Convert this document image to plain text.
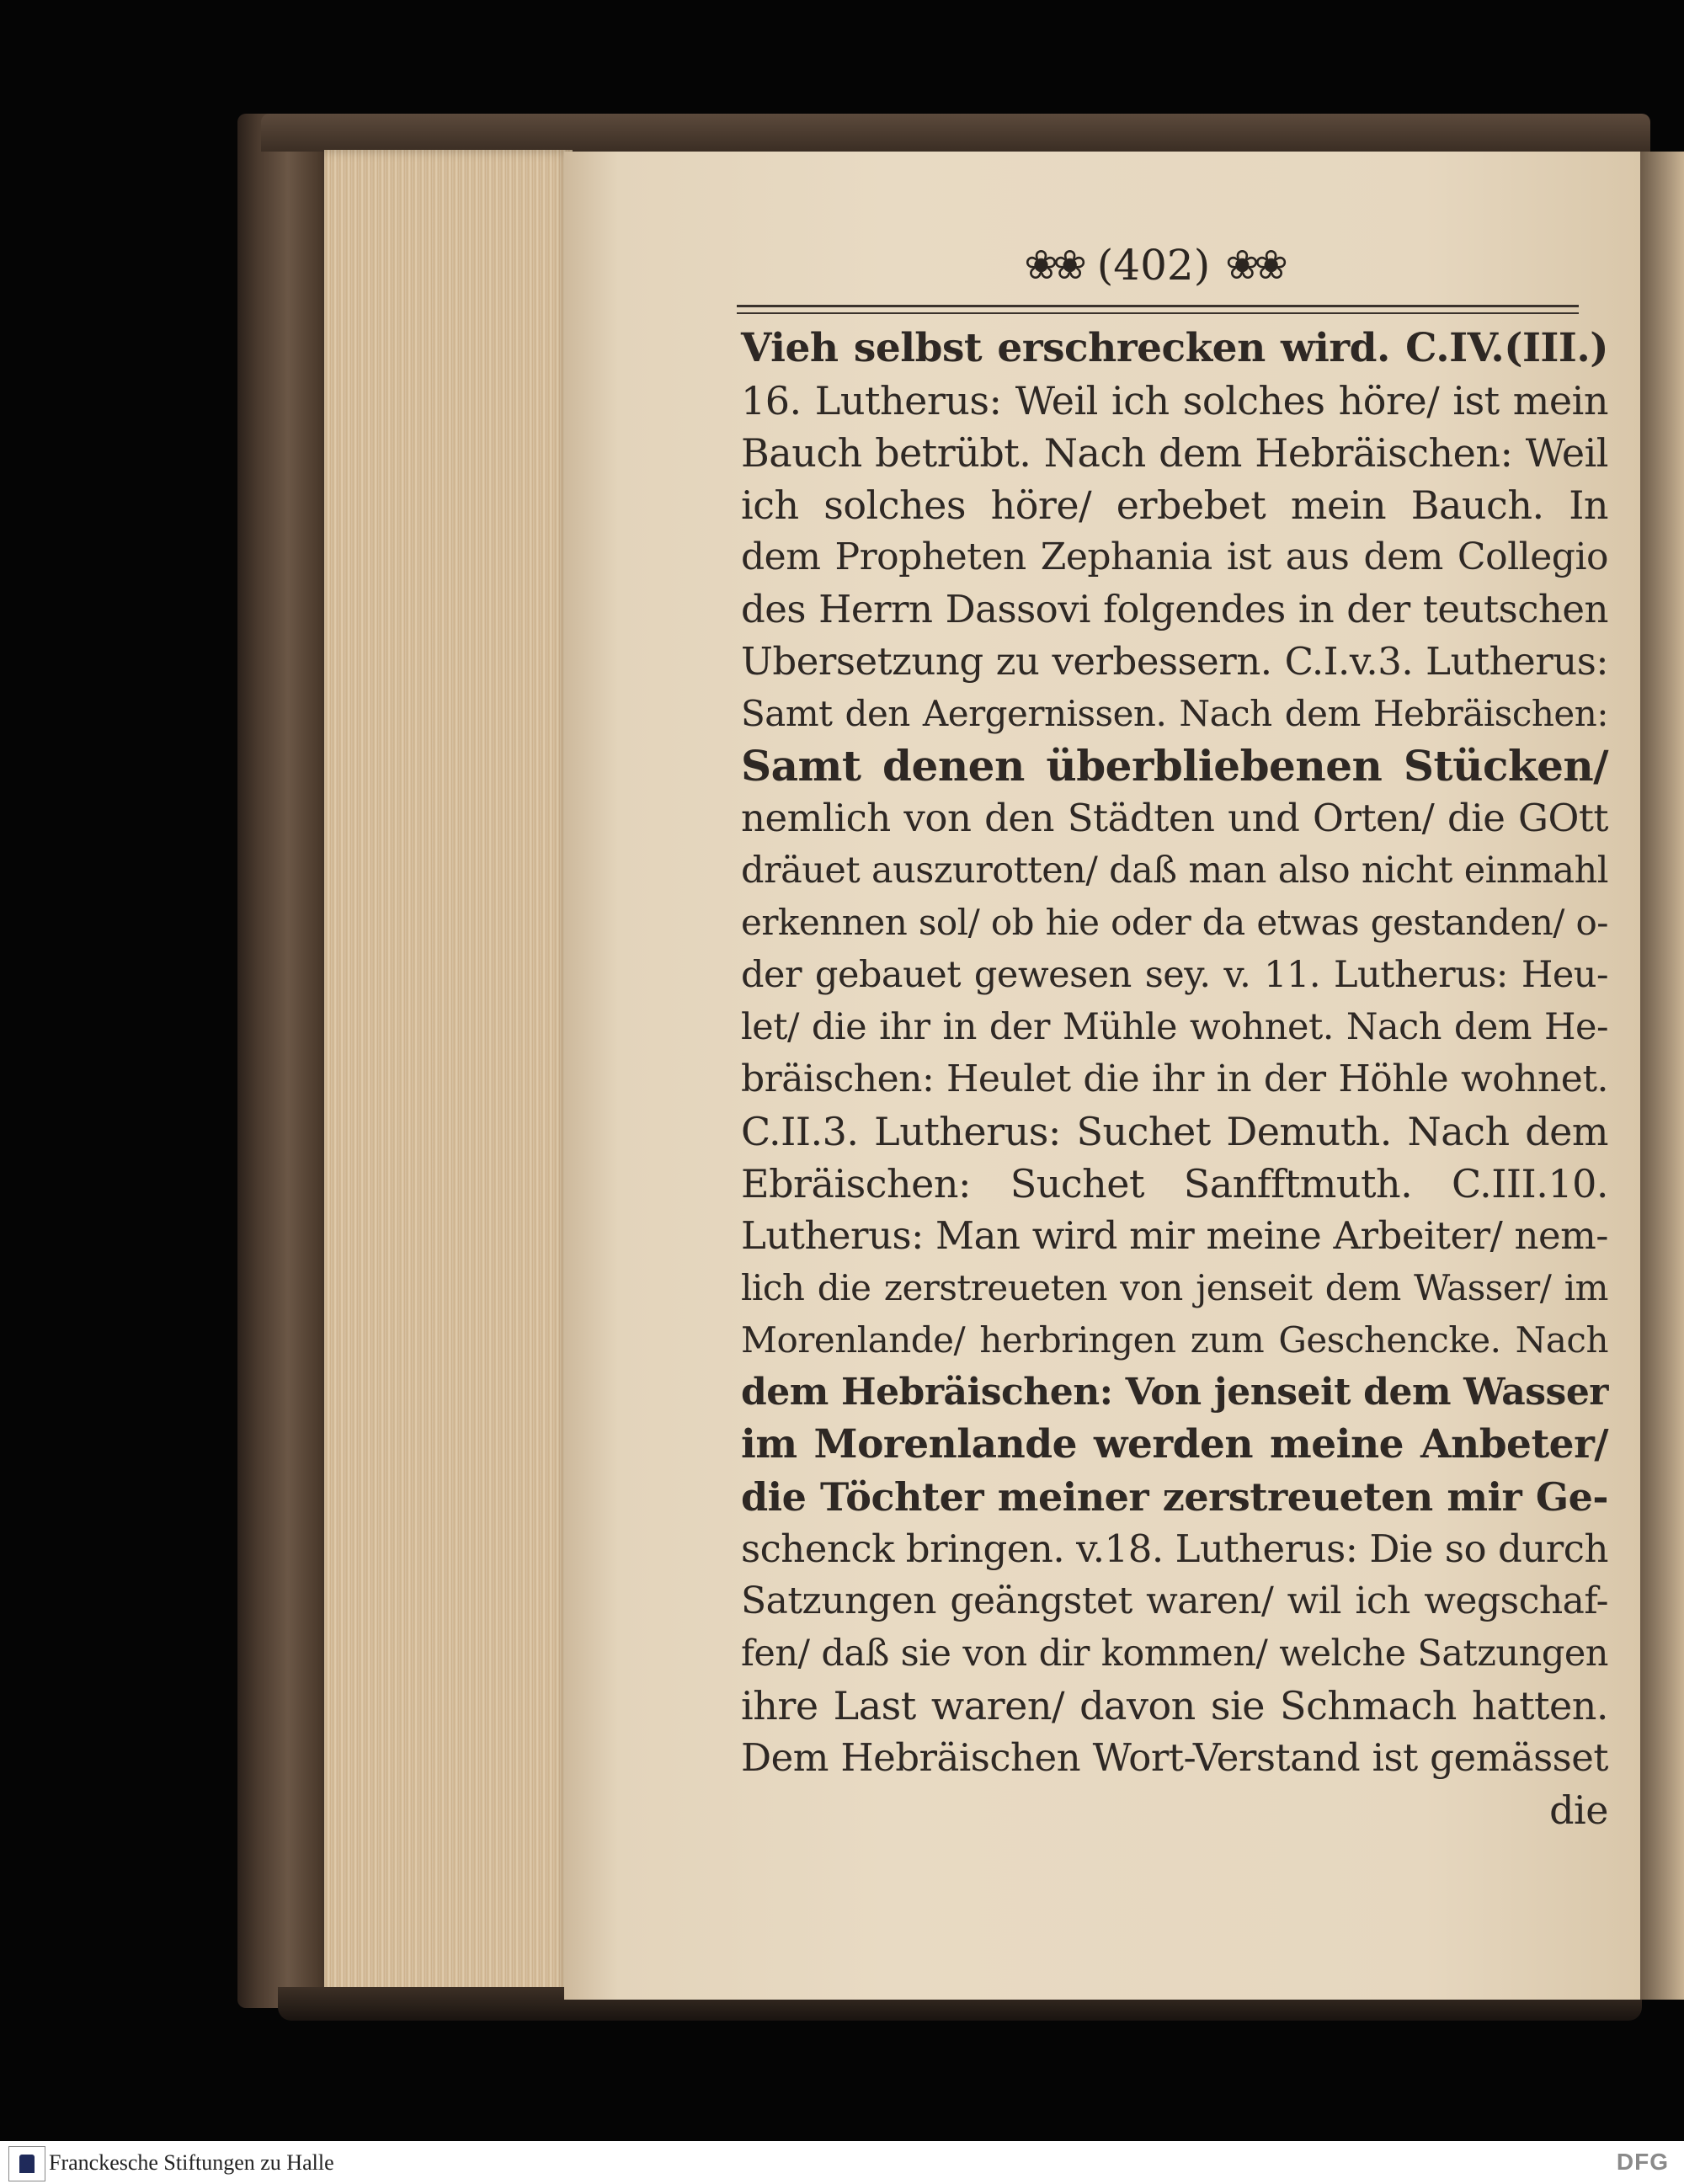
❀❀ (402) ❀❀
Vieh selbst erschrecken wird. C.IV.(III.)
16. Lutherus: Weil ich solches höre/ ist mein
Bauch betrübt. Nach dem Hebräischen: Weil
ich solches höre/ erbebet mein Bauch. In
dem Propheten Zephania ist aus dem Collegio
des Herrn Dassovi folgendes in der teutschen
Ubersetzung zu verbessern. C.I.v.3. Lutherus:
Samt den Aergernissen. Nach dem Hebräischen:
Samt denen überbliebenen Stücken/
nemlich von den Städten und Orten/ die GOtt
dräuet auszurotten/ daß man also nicht einmahl
erkennen sol/ ob hie oder da etwas gestanden/ o-
der gebauet gewesen sey. v. 11. Lutherus: Heu-
let/ die ihr in der Mühle wohnet. Nach dem He-
bräischen: Heulet die ihr in der Höhle wohnet.
C.II.3. Lutherus: Suchet Demuth. Nach dem
Ebräischen: Suchet Sanfftmuth. C.III.10.
Lutherus: Man wird mir meine Arbeiter/ nem-
lich die zerstreueten von jenseit dem Wasser/ im
Morenlande/ herbringen zum Geschencke. Nach
dem Hebräischen: Von jenseit dem Wasser
im Morenlande werden meine Anbeter/
die Töchter meiner zerstreueten mir Ge-
schenck bringen. v.18. Lutherus: Die so durch
Satzungen geängstet waren/ wil ich wegschaf-
fen/ daß sie von dir kommen/ welche Satzungen
ihre Last waren/ davon sie Schmach hatten.
Dem Hebräischen Wort-Verstand ist gemässet
die
Franckesche Stiftungen zu Halle	DFG
